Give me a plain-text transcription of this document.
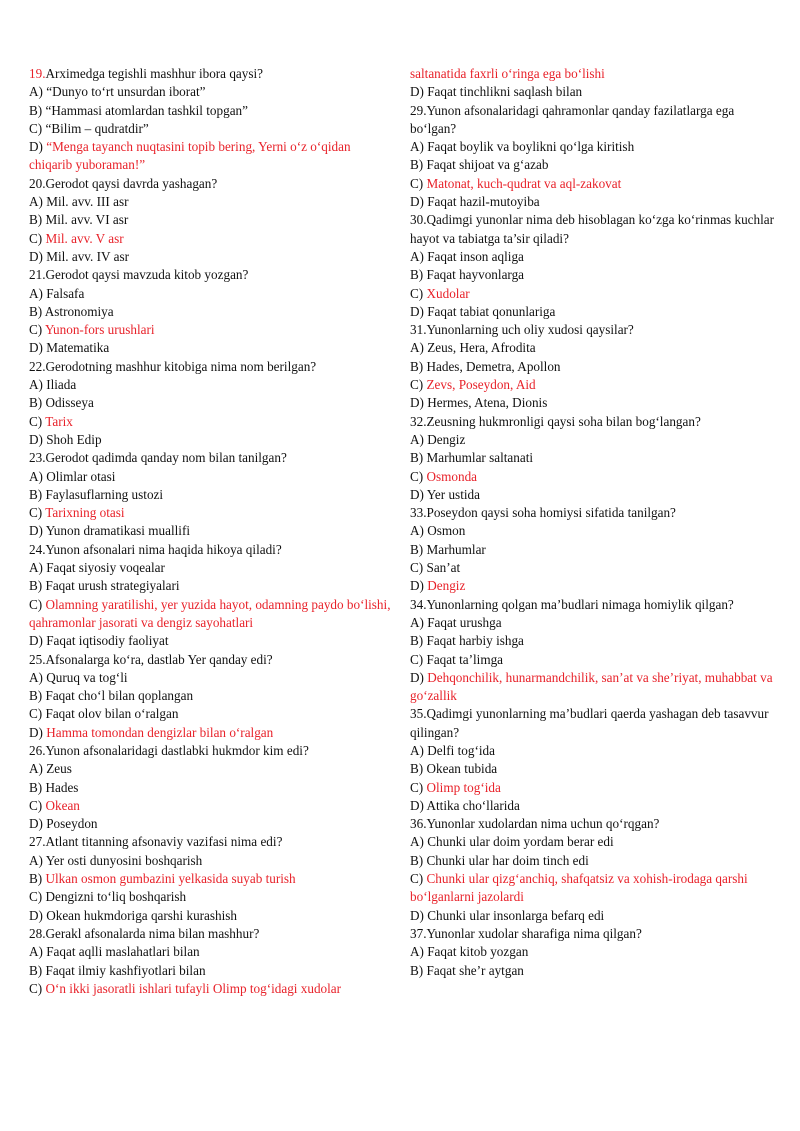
19.Arximedga tegishli mashhur ibora qaysi?
A) “Dunyo to‘rt unsurdan iborat”
B) “Hammasi atomlardan tashkil topgan”
C) “Bilim – qudratdir”
D) “Menga tayanch nuqtasini topib bering, Yerni o‘z o‘qidan chiqarib yuboraman!”
20.Gerodot qaysi davrda yashagan?
A) Mil. avv. III asr
B) Mil. avv. VI asr
C) Mil. avv. V asr
D) Mil. avv. IV asr
21.Gerodot qaysi mavzuda kitob yozgan?
A) Falsafa
B) Astronomiya
C) Yunon-fors urushlari
D) Matematika
22.Gerodotning mashhur kitobiga nima nom berilgan?
A) Iliada
B) Odisseya
C) Tarix
D) Shoh Edip
23.Gerodot qadimda qanday nom bilan tanilgan?
A) Olimlar otasi
B) Faylasuflarning ustozi
C) Tarixning otasi
D) Yunon dramatikasi muallifi
24.Yunon afsonalari nima haqida hikoya qiladi?
A) Faqat siyosiy voqealar
B) Faqat urush strategiyalari
C) Olamning yaratilishi, yer yuzida hayot, odamning paydo bo‘lishi, qahramonlar jasorati va dengiz sayohatlari
D) Faqat iqtisodiy faoliyat
25.Afsonalarga ko‘ra, dastlab Yer qanday edi?
A) Quruq va tog‘li
B) Faqat cho‘l bilan qoplangan
C) Faqat olov bilan o‘ralgan
D) Hamma tomondan dengizlar bilan o‘ralgan
26.Yunon afsonalaridagi dastlabki hukmdor kim edi?
A) Zeus
B) Hades
C) Okean
D) Poseydon
27.Atlant titanning afsonaviy vazifasi nima edi?
A) Yer osti dunyosini boshqarish
B) Ulkan osmon gumbazini yelkasida suyab turish
C) Dengizni to‘liq boshqarish
D) Okean hukmdoriga qarshi kurashish
28.Gerakl afsonalarda nima bilan mashhur?
A) Faqat aqlli maslahatlari bilan
B) Faqat ilmiy kashfiyotlari bilan
C) O‘n ikki jasoratli ishlari tufayli Olimp tog‘idagi xudolar
saltanatida faxrli o‘ringa ega bo‘lishi
D) Faqat tinchlikni saqlash bilan
29.Yunon afsonalaridagi qahramonlar qanday fazilatlarga ega bo‘lgan?
A) Faqat boylik va boylikni qo‘lga kiritish
B) Faqat shijoat va g‘azab
C) Matonat, kuch-qudrat va aql-zakovat
D) Faqat hazil-mutoyiba
30.Qadimgi yunonlar nima deb hisoblagan ko‘zga ko‘rinmas kuchlar hayot va tabiatga ta’sir qiladi?
A) Faqat inson aqliga
B) Faqat hayvonlarga
C) Xudolar
D) Faqat tabiat qonunlariga
31.Yunonlarning uch oliy xudosi qaysilar?
A) Zeus, Hera, Afrodita
B) Hades, Demetra, Apollon
C) Zevs, Poseydon, Aid
D) Hermes, Atena, Dionis
32.Zeusning hukmronligi qaysi soha bilan bog‘langan?
A) Dengiz
B) Marhumlar saltanati
C) Osmonda
D) Yer ustida
33.Poseydon qaysi soha homiysi sifatida tanilgan?
A) Osmon
B) Marhumlar
C) San’at
D) Dengiz
34.Yunonlarning qolgan ma’budlari nimaga homiylik qilgan?
A) Faqat urushga
B) Faqat harbiy ishga
C) Faqat ta’limga
D) Dehqonchilik, hunarmandchilik, san’at va she’riyat, muhabbat va go‘zallik
35.Qadimgi yunonlarning ma’budlari qaerda yashagan deb tasavvur qilingan?
A) Delfi tog‘ida
B) Okean tubida
C) Olimp tog‘ida
D) Attika cho‘llarida
36.Yunonlar xudolardan nima uchun qo‘rqgan?
A) Chunki ular doim yordam berar edi
B) Chunki ular har doim tinch edi
C) Chunki ular qizg‘anchiq, shafqatsiz va xohish-irodaga qarshi bo‘lganlarni jazolardi
D) Chunki ular insonlarga befarq edi
37.Yunonlar xudolar sharafiga nima qilgan?
A) Faqat kitob yozgan
B) Faqat she’r aytgan
